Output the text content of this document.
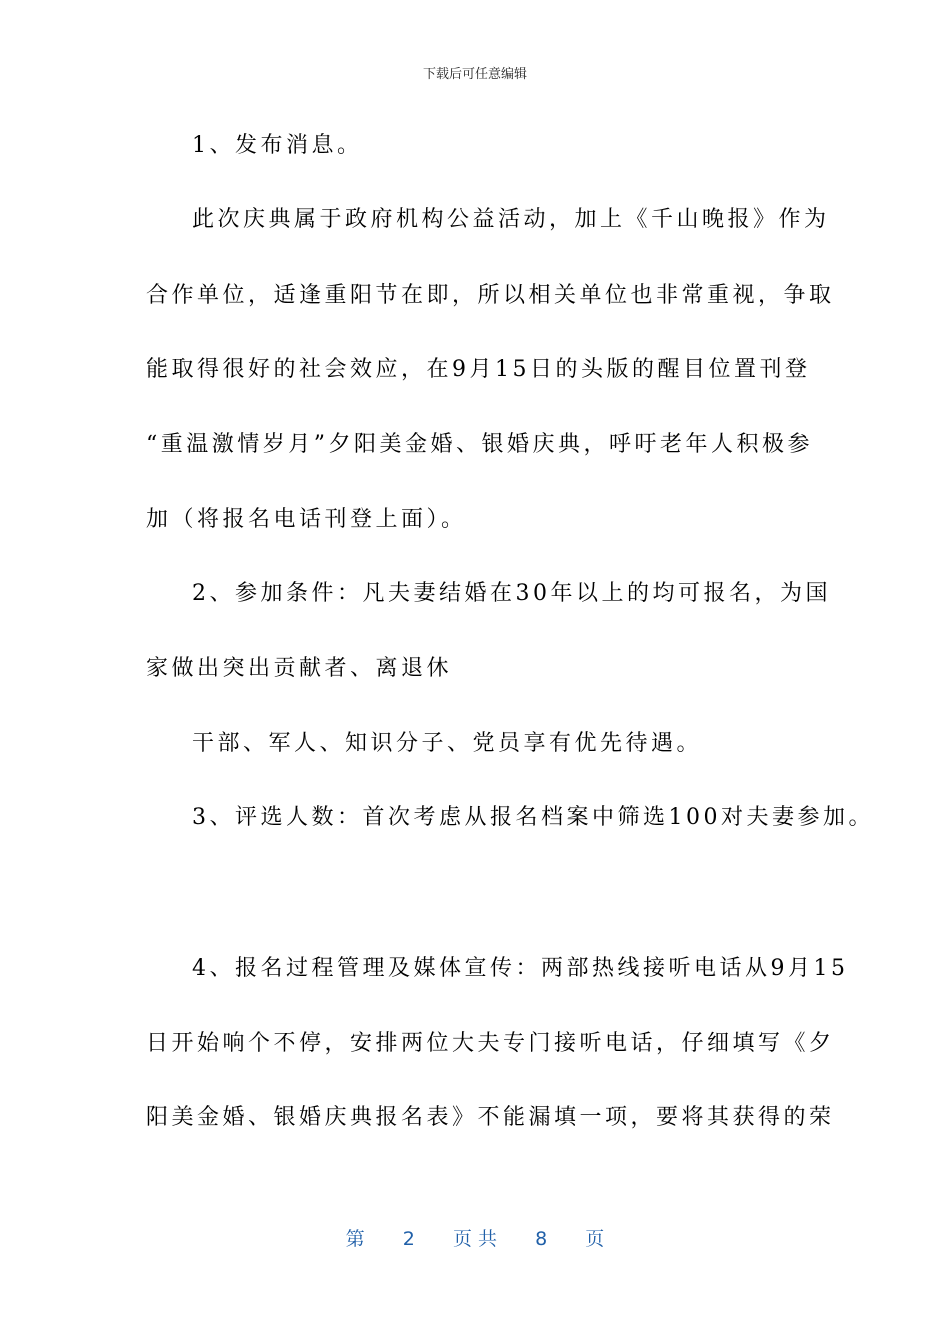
下载后可任意编辑
1、发布消息。
此次庆典属于政府机构公益活动，加上《千山晚报》作为
合作单位，适逢重阳节在即，所以相关单位也非常重视，争取
能取得很好的社会效应，在9月15日的头版的醒目位置刊登
“重温激情岁月”夕阳美金婚、银婚庆典，呼吁老年人积极参
加（将报名电话刊登上面）。
2、参加条件：凡夫妻结婚在30年以上的均可报名，为国
家做出突出贡献者、离退休
干部、军人、知识分子、党员享有优先待遇。
3、评选人数：首次考虑从报名档案中筛选100对夫妻参加。
4、报名过程管理及媒体宣传：两部热线接听电话从9月15
日开始响个不停，安排两位大夫专门接听电话，仔细填写《夕
阳美金婚、银婚庆典报名表》不能漏填一项，要将其获得的荣
第 2 页 共 8 页
